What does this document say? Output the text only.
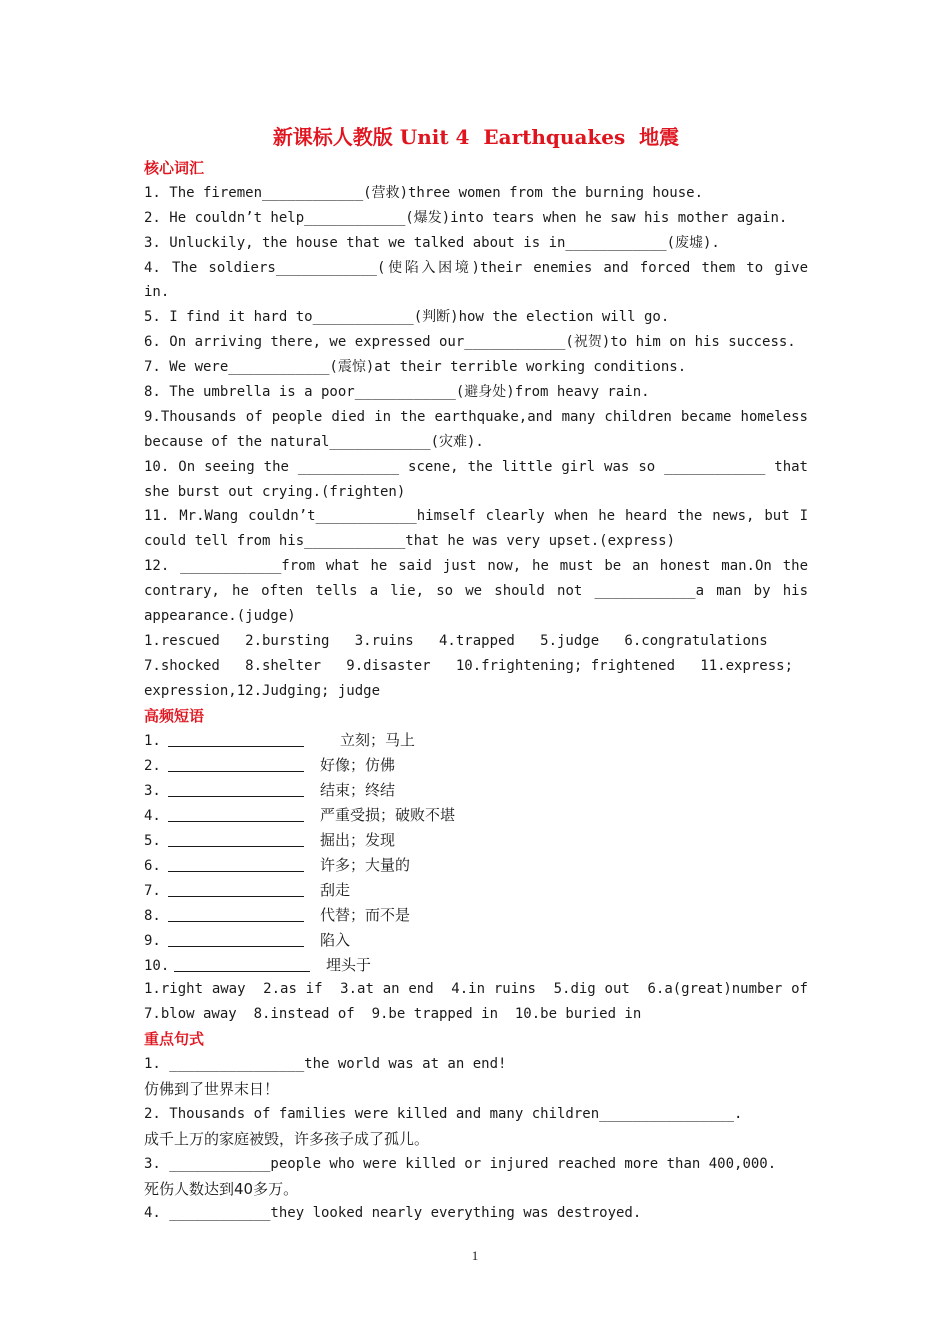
新课标人教版 Unit 4  Earthquakes  地震
核心词汇
1. The firemen____________(营救)three women from the burning house.
2. He couldn’t help____________(爆发)into tears when he saw his mother again.
3. Unluckily, the house that we talked about is in____________(废墟).
4. The soldiers____________(使陷入困境)their enemies and forced them to give
in.
5. I find it hard to____________(判断)how the election will go.
6. On arriving there, we expressed our____________(祝贺)to him on his success.
7. We were____________(震惊)at their terrible working conditions.
8. The umbrella is a poor____________(避身处)from heavy rain.
9.Thousands of people died in the earthquake,and many children became homeless
because of the natural____________(灾难).
10. On seeing the ____________ scene, the little girl was so ____________ that
she burst out crying.(frighten)
11. Mr.Wang couldn’t____________himself clearly when he heard the news, but I
could tell from his____________that he was very upset.(express)
12. ____________from what he said just now, he must be an honest man.On the
contrary, he often tells a lie, so we should not ____________a man by his
appearance.(judge)
1.rescued   2.bursting   3.ruins   4.trapped   5.judge   6.congratulations
7.shocked   8.shelter   9.disaster   10.frightening; frightened   11.express;
expression,12.Judging; judge
高频短语
1.	立刻；马上
2.	好像；仿佛
3.	结束；终结
4.	严重受损；破败不堪
5.	掘出；发现
6.	许多；大量的
7.	刮走
8.	代替；而不是
9.	陷入
10.	埋头于
1.right away  2.as if  3.at an end  4.in ruins  5.dig out  6.a(great)number of
7.blow away  8.instead of  9.be trapped in  10.be buried in
重点句式
1. ________________the world was at an end!
仿佛到了世界末日！
2. Thousands of families were killed and many children________________.
成千上万的家庭被毁，许多孩子成了孤儿。
3. ____________people who were killed or injured reached more than 400,000.
死伤人数达到40多万。
4. ____________they looked nearly everything was destroyed.
1
